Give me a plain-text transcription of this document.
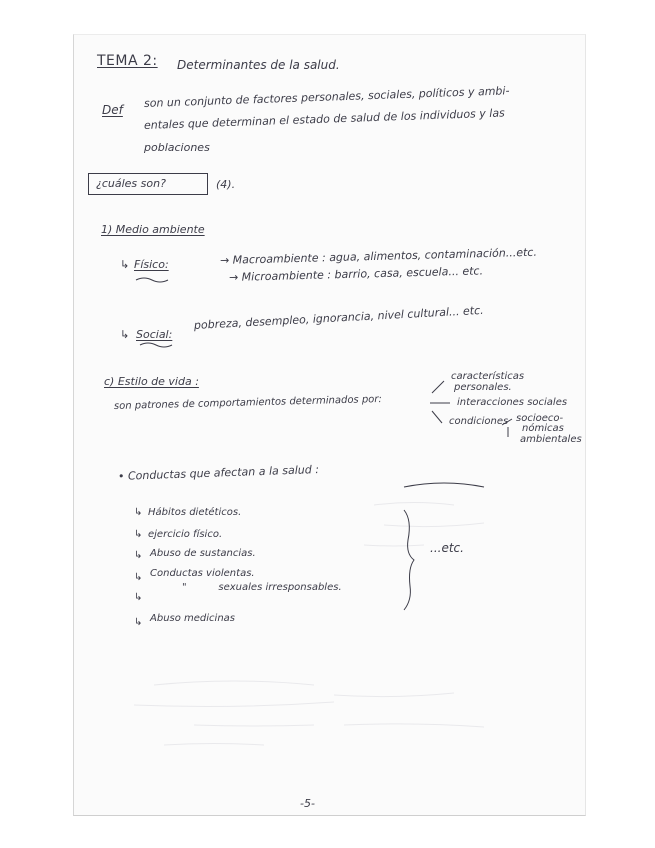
TEMA 2: Determinantes de la salud.
Def
son un conjunto de factores personales, sociales, políticos y ambi-
entales que determinan el estado de salud de los individuos y las
poblaciones
¿cuáles son?	(4).
1) Medio ambiente
↳ Físico:	→ Macroambiente : agua, alimentos, contaminación...etc.
→ Microambiente : barrio, casa, escuela... etc.
↳ Social:
pobreza, desempleo, ignorancia, nivel cultural... etc.
c) Estilo de vida :
son patrones de comportamientos determinados por:
características
personales.
interacciones sociales
condiciones socioeco-
nómicas
ambientales
• Conductas que afectan a la salud :
↳ Hábitos dietéticos.
↳ ejercicio físico.
↳ Abuso de sustancias.
↳ Conductas violentas.
↳
"          sexuales irresponsables.
↳ Abuso medicinas
...etc.
-5-
